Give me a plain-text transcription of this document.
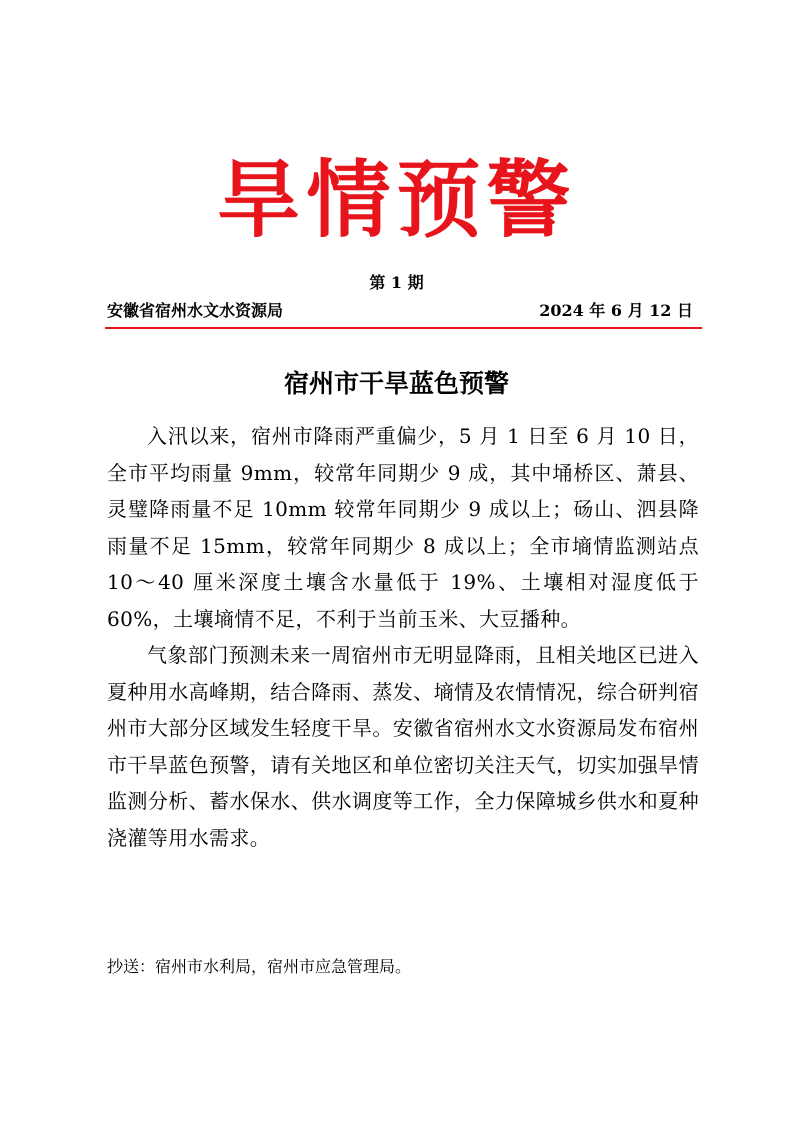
旱情预警
第 1 期
安徽省宿州水文水资源局	2024 年 6 月 12 日
宿州市干旱蓝色预警

入汛以来，宿州市降雨严重偏少，5 月 1 日至 6 月 10 日，全市平均雨量 9mm，较常年同期少 9 成，其中埇桥区、萧县、灵璧降雨量不足 10mm 较常年同期少 9 成以上；砀山、泗县降雨量不足 15mm，较常年同期少 8 成以上；全市墒情监测站点 10～40 厘米深度土壤含水量低于 19%、土壤相对湿度低于 60%，土壤墒情不足，不利于当前玉米、大豆播种。

气象部门预测未来一周宿州市无明显降雨，且相关地区已进入夏种用水高峰期，结合降雨、蒸发、墒情及农情情况，综合研判宿州市大部分区域发生轻度干旱。安徽省宿州水文水资源局发布宿州市干旱蓝色预警，请有关地区和单位密切关注天气，切实加强旱情监测分析、蓄水保水、供水调度等工作，全力保障城乡供水和夏种浇灌等用水需求。

抄送：宿州市水利局，宿州市应急管理局。
